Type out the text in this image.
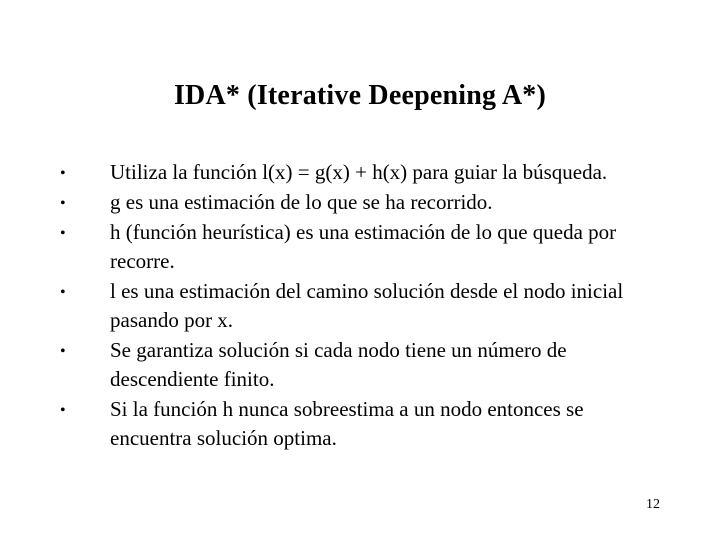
IDA* (Iterative Deepening A*)
• Utiliza la función l(x) = g(x) + h(x) para guiar la búsqueda.
• g es una estimación de lo que se ha recorrido.
• h (función heurística) es una estimación de lo que queda por recorre.
• l es una estimación del camino solución desde el nodo inicial pasando por x.
• Se garantiza solución si cada nodo tiene un número de descendiente finito.
• Si la función h nunca sobreestima a un nodo entonces se encuentra solución optima.
12
